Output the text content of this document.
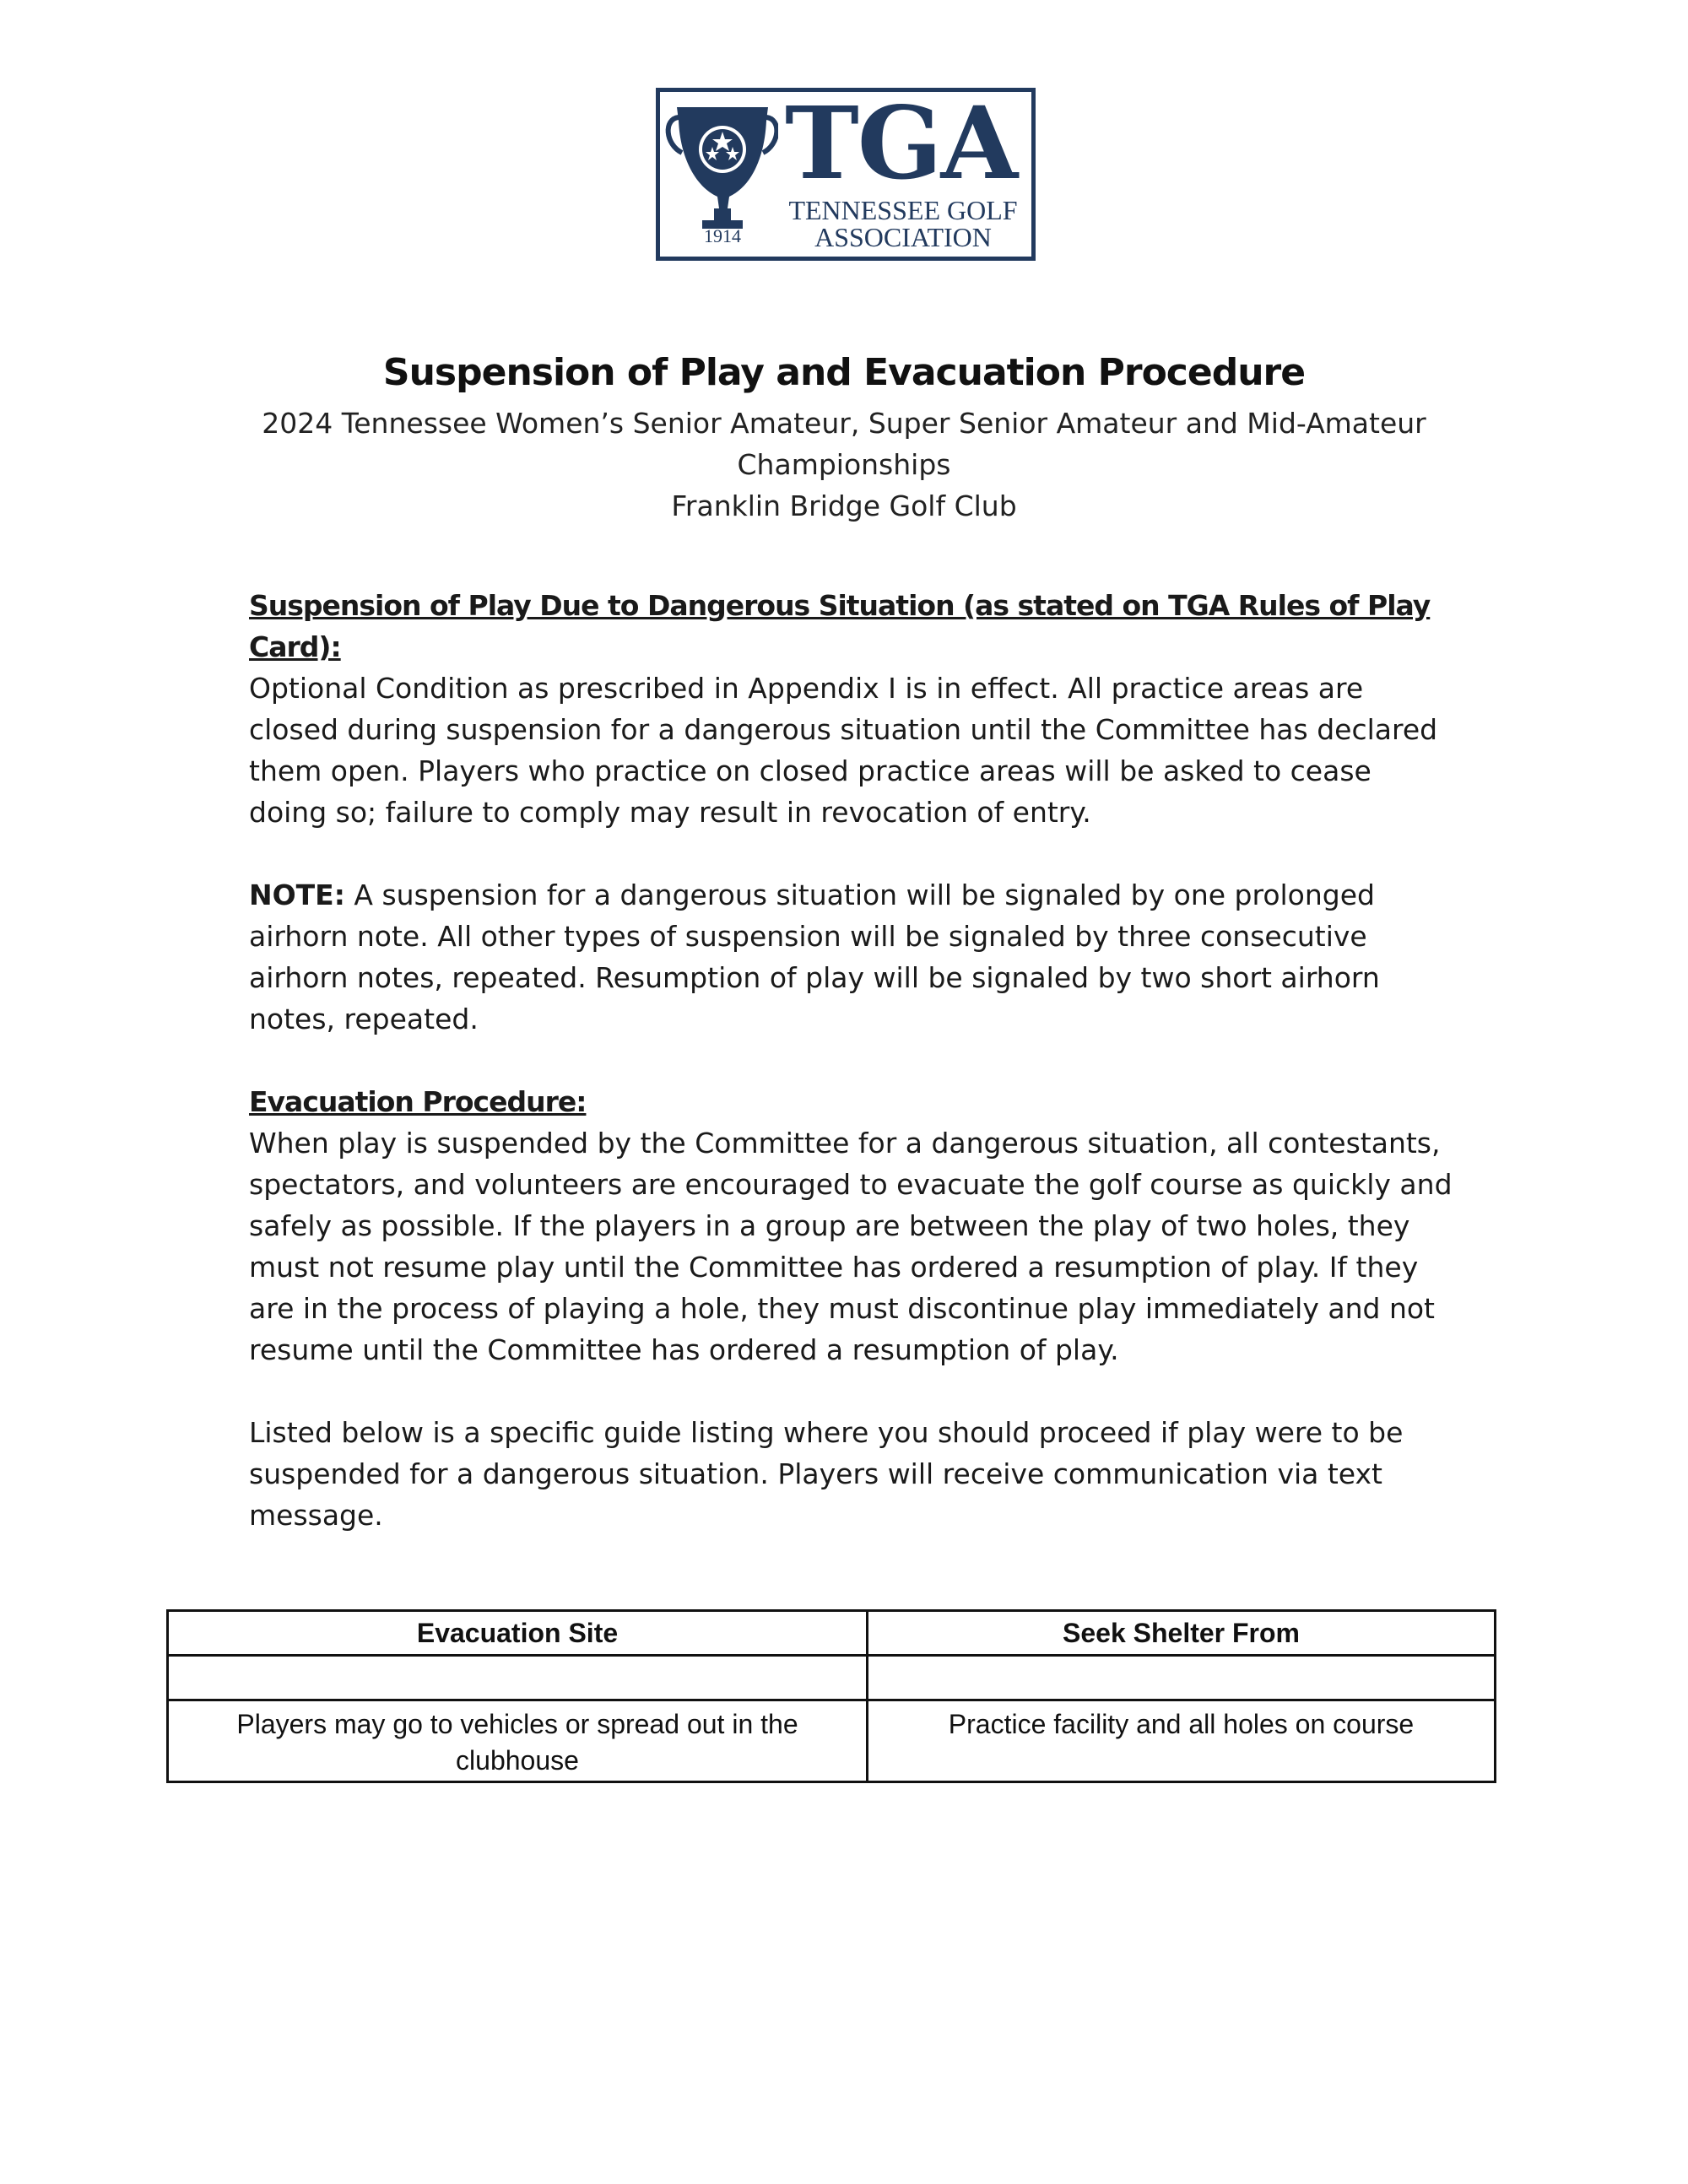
TGA
TENNESSEE GOLF
ASSOCIATION
1914
Suspension of Play and Evacuation Procedure
2024 Tennessee Women’s Senior Amateur, Super Senior Amateur and Mid-Amateur
Championships
Franklin Bridge Golf Club

Suspension of Play Due to Dangerous Situation (as stated on TGA Rules of Play Card):

Optional Condition as prescribed in Appendix I is in effect. All practice areas are closed during suspension for a dangerous situation until the Committee has declared them open. Players who practice on closed practice areas will be asked to cease doing so; failure to comply may result in revocation of entry.

NOTE: A suspension for a dangerous situation will be signaled by one prolonged airhorn note. All other types of suspension will be signaled by three consecutive airhorn notes, repeated. Resumption of play will be signaled by two short airhorn notes, repeated.

Evacuation Procedure:

When play is suspended by the Committee for a dangerous situation, all contestants, spectators, and volunteers are encouraged to evacuate the golf course as quickly and safely as possible. If the players in a group are between the play of two holes, they must not resume play until the Committee has ordered a resumption of play. If they are in the process of playing a hole, they must discontinue play immediately and not resume until the Committee has ordered a resumption of play.

Listed below is a specific guide listing where you should proceed if play were to be suspended for a dangerous situation. Players will receive communication via text message.

Evacuation Site	Seek Shelter From

Players may go to vehicles or spread out in the clubhouse	Practice facility and all holes on course
